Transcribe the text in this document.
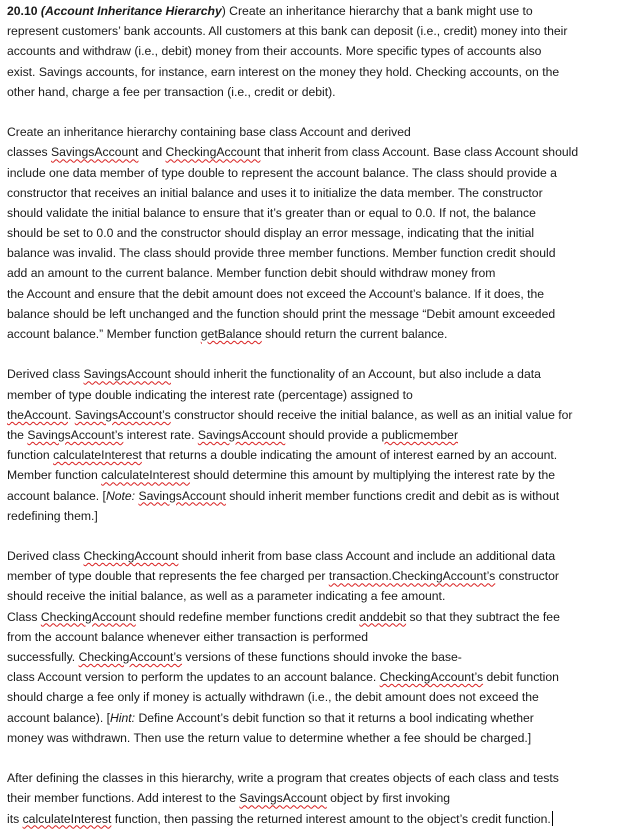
20.10 (Account Inheritance Hierarchy) Create an inheritance hierarchy that a bank might use to
represent customers’ bank accounts. All customers at this bank can deposit (i.e., credit) money into their
accounts and withdraw (i.e., debit) money from their accounts. More specific types of accounts also
exist. Savings accounts, for instance, earn interest on the money they hold. Checking accounts, on the
other hand, charge a fee per transaction (i.e., credit or debit).
Create an inheritance hierarchy containing base class Account and derived
classes SavingsAccount and CheckingAccount that inherit from class Account. Base class Account should
include one data member of type double to represent the account balance. The class should provide a
constructor that receives an initial balance and uses it to initialize the data member. The constructor
should validate the initial balance to ensure that it’s greater than or equal to 0.0. If not, the balance
should be set to 0.0 and the constructor should display an error message, indicating that the initial
balance was invalid. The class should provide three member functions. Member function credit should
add an amount to the current balance. Member function debit should withdraw money from
the Account and ensure that the debit amount does not exceed the Account’s balance. If it does, the
balance should be left unchanged and the function should print the message “Debit amount exceeded
account balance.” Member function getBalance should return the current balance.
Derived class SavingsAccount should inherit the functionality of an Account, but also include a data
member of type double indicating the interest rate (percentage) assigned to
theAccount. SavingsAccount’s constructor should receive the initial balance, as well as an initial value for
the SavingsAccount’s interest rate. SavingsAccount should provide a publicmember
function calculateInterest that returns a double indicating the amount of interest earned by an account.
Member function calculateInterest should determine this amount by multiplying the interest rate by the
account balance. [Note: SavingsAccount should inherit member functions credit and debit as is without
redefining them.]
Derived class CheckingAccount should inherit from base class Account and include an additional data
member of type double that represents the fee charged per transaction.CheckingAccount’s constructor
should receive the initial balance, as well as a parameter indicating a fee amount.
Class CheckingAccount should redefine member functions credit anddebit so that they subtract the fee
from the account balance whenever either transaction is performed
successfully. CheckingAccount’s versions of these functions should invoke the base-
class Account version to perform the updates to an account balance. CheckingAccount’s debit function
should charge a fee only if money is actually withdrawn (i.e., the debit amount does not exceed the
account balance). [Hint: Define Account’s debit function so that it returns a bool indicating whether
money was withdrawn. Then use the return value to determine whether a fee should be charged.]
After defining the classes in this hierarchy, write a program that creates objects of each class and tests
their member functions. Add interest to the SavingsAccount object by first invoking
its calculateInterest function, then passing the returned interest amount to the object’s credit function.
